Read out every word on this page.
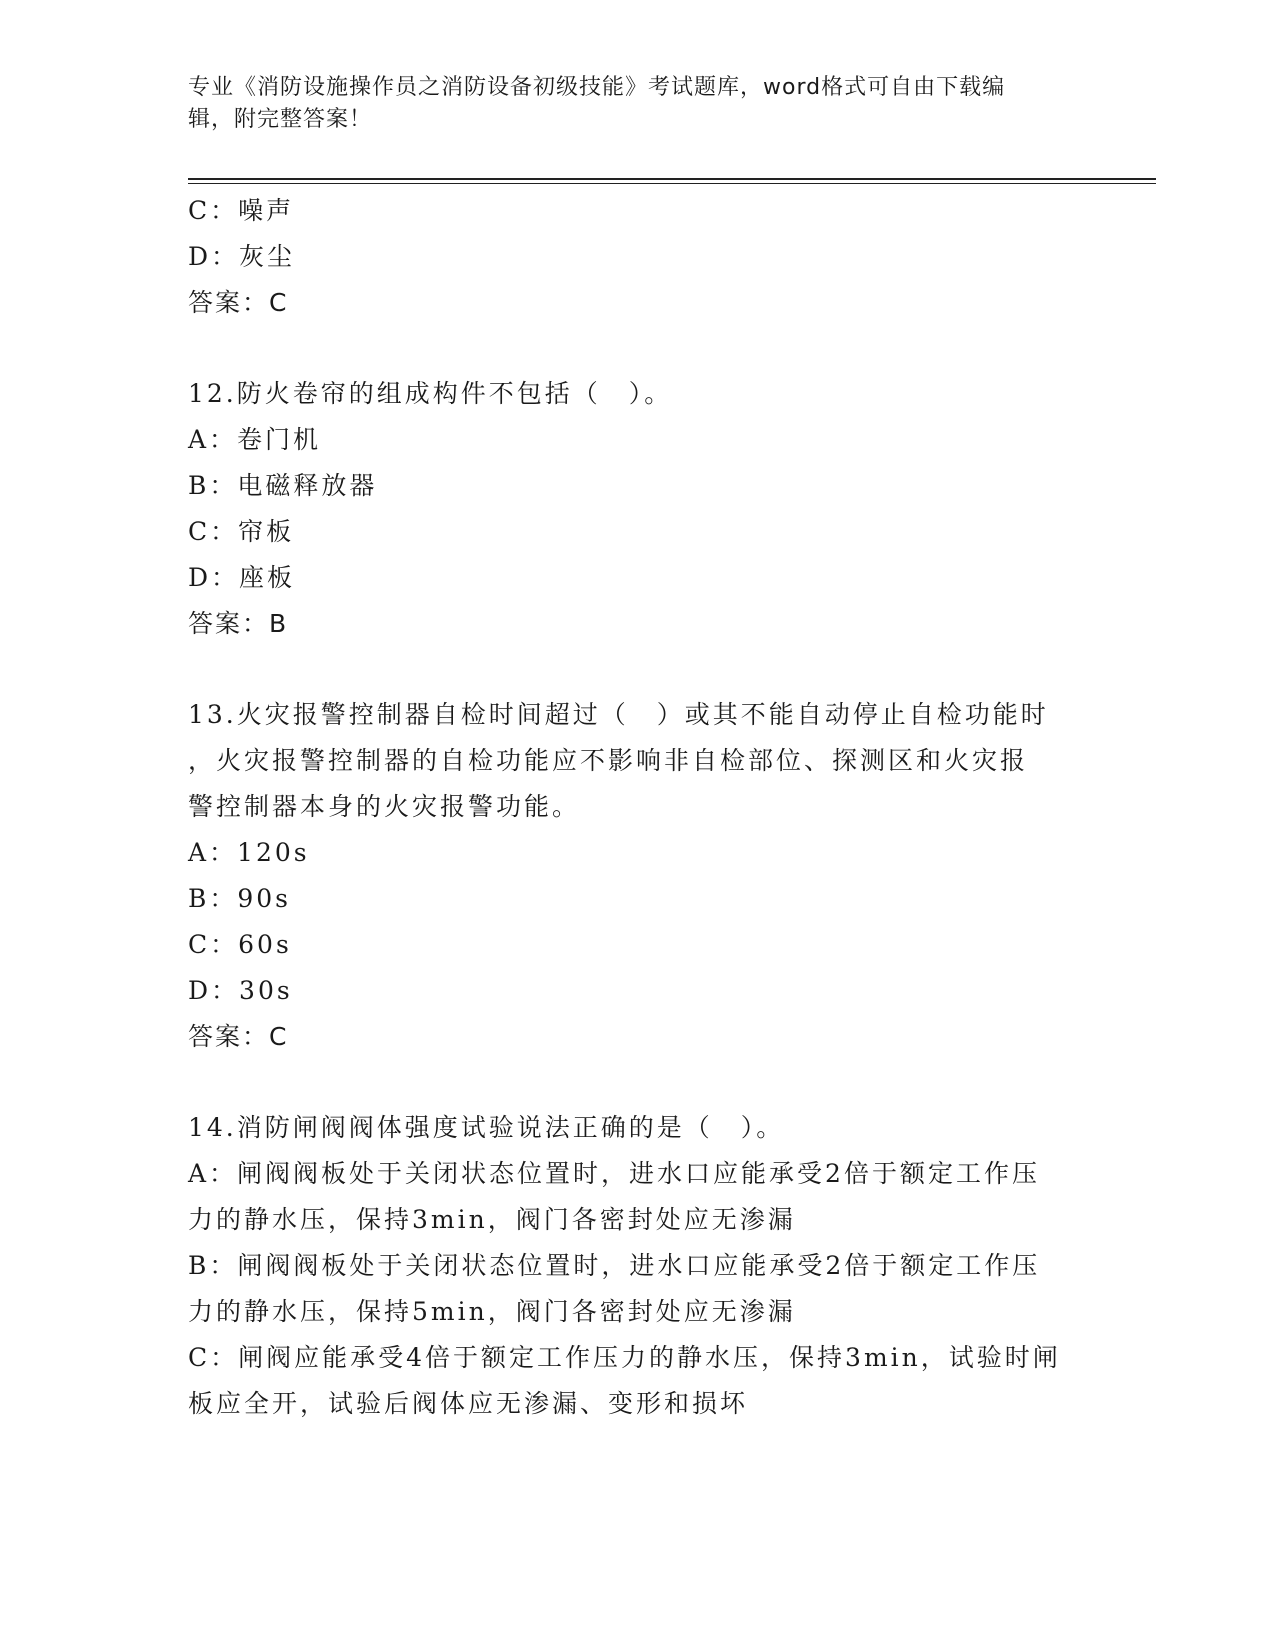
专业《消防设施操作员之消防设备初级技能》考试题库，word格式可自由下载编
辑，附完整答案！
C：噪声
D：灰尘
答案：C
12.防火卷帘的组成构件不包括（　）。
A：卷门机
B：电磁释放器
C：帘板
D：座板
答案：B
13.火灾报警控制器自检时间超过（　）或其不能自动停止自检功能时
，火灾报警控制器的自检功能应不影响非自检部位、探测区和火灾报
警控制器本身的火灾报警功能。
A：120s
B：90s
C：60s
D：30s
答案：C
14.消防闸阀阀体强度试验说法正确的是（　）。
A：闸阀阀板处于关闭状态位置时，进水口应能承受2倍于额定工作压
力的静水压，保持3min，阀门各密封处应无渗漏
B：闸阀阀板处于关闭状态位置时，进水口应能承受2倍于额定工作压
力的静水压，保持5min，阀门各密封处应无渗漏
C：闸阀应能承受4倍于额定工作压力的静水压，保持3min，试验时闸
板应全开，试验后阀体应无渗漏、变形和损坏
